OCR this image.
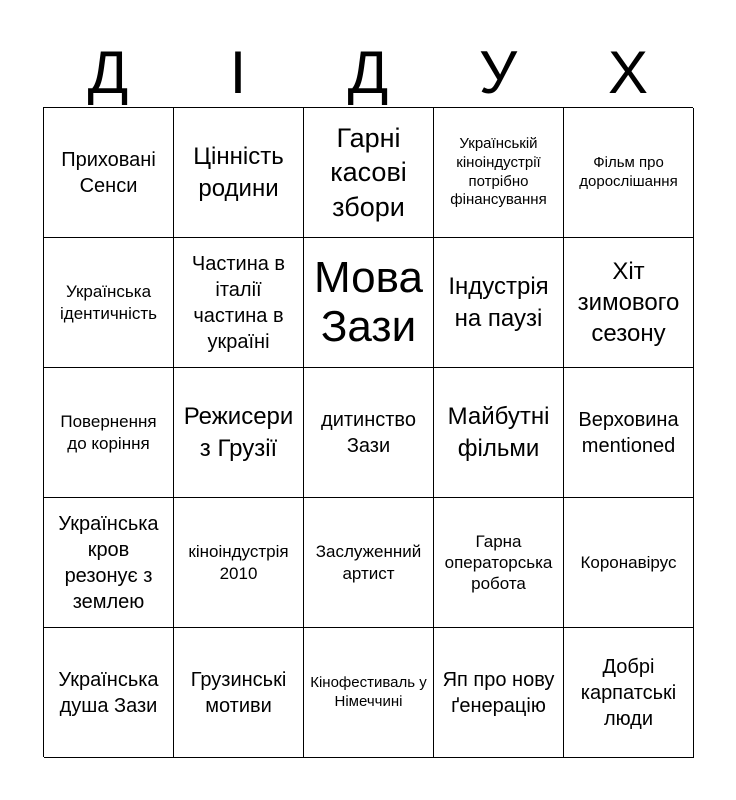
Д	І	Д	У	Х
Приховані Сенси
Цінність родини
Гарні касові збори
Українській кіноіндустрії потрібно фінансування
Фільм про дорослішання
Українська ідентичність
Частина в італії частина в україні
Мова Зази
Індустрія на паузі
Хіт зимового сезону
Повернення до коріння
Режисери з Грузії
дитинство Зази
Майбутні фільми
Верховина mentioned
Українська кров резонує з землею
кіноіндустрія 2010
Заслуженний артист
Гарна операторська робота
Коронавірус
Українська душа Зази
Грузинські мотиви
Кінофестиваль у Німеччині
Яп про нову ґенерацію
Добрі карпатські люди
